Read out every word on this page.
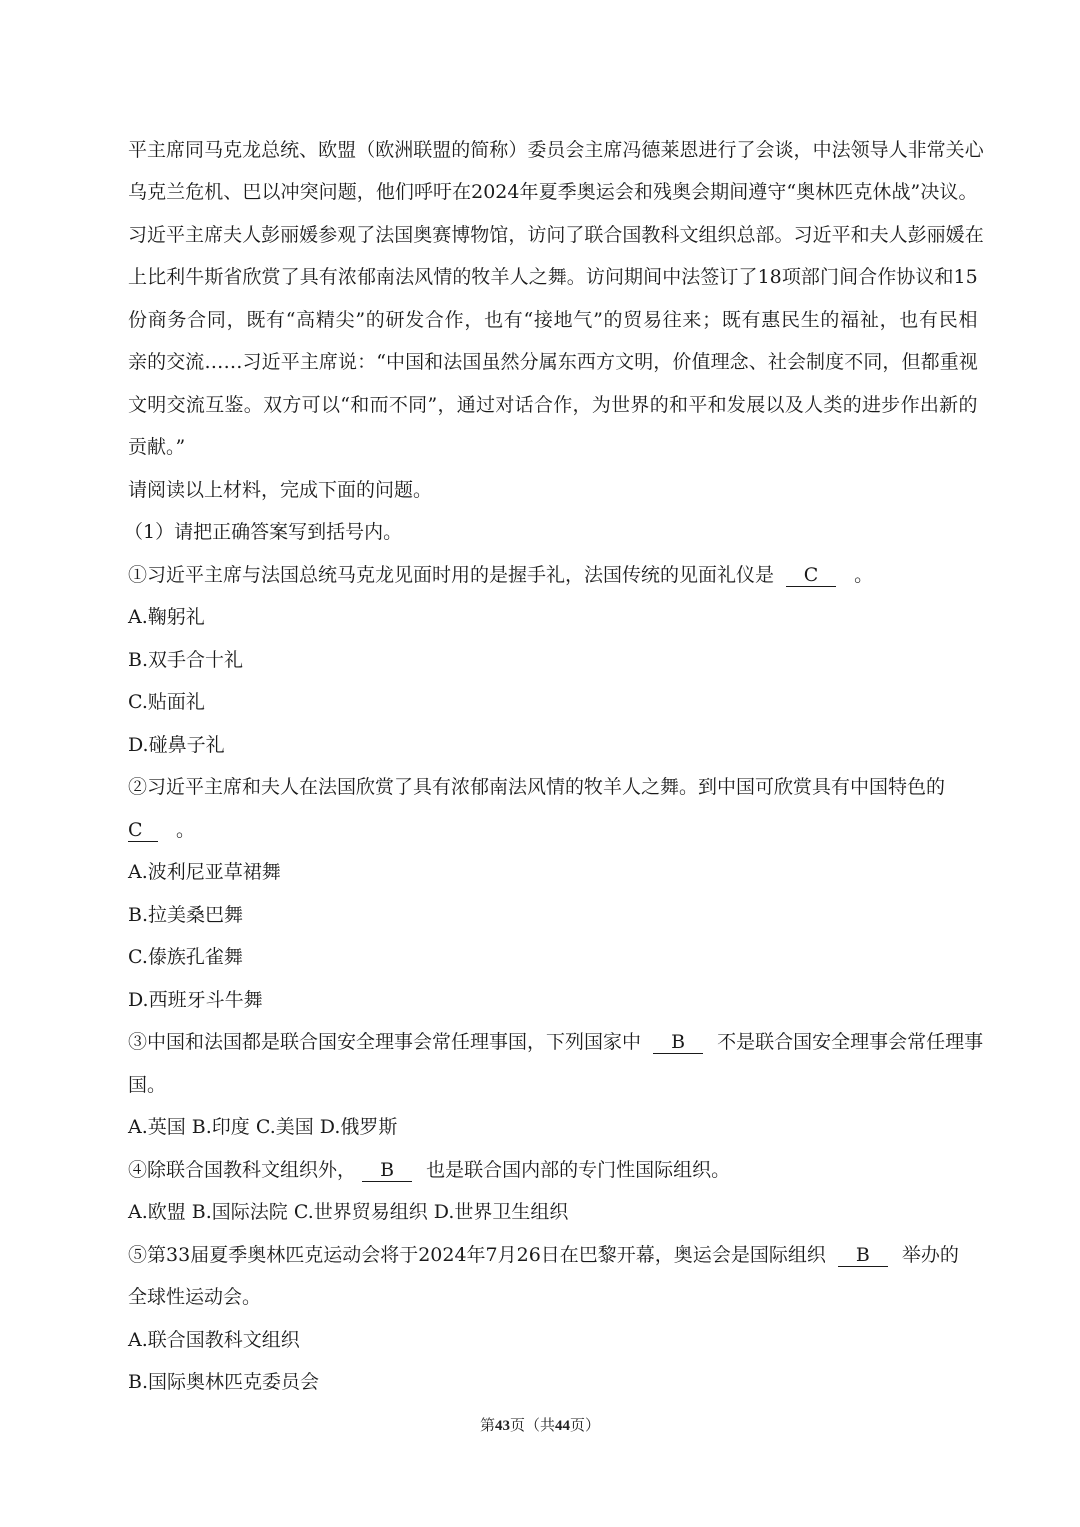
平 主 席 同 马 克 龙 总 统 、 欧 盟 （ 欧 洲 联 盟 的 简 称 ） 委 员 会 主 席 冯 德 莱 恩 进 行 了 会 谈 ， 中 法 领 导 人 非 常 关 心
乌 克 兰 危 机 、 巴 以 冲 突 问 题 ， 他 们 呼 吁 在 2024 年 夏 季 奥 运 会 和 残 奥 会 期 间 遵 守 “ 奥 林 匹 克 休 战 ” 决 议 。
习 近 平 主 席 夫 人 彭 丽 媛 参 观 了 法 国 奥 赛 博 物 馆 ， 访 问 了 联 合 国 教 科 文 组 织 总 部 。 习 近 平 和 夫 人 彭 丽 媛 在
上 比 利 牛 斯 省 欣 赏 了 具 有 浓 郁 南 法 风 情 的 牧 羊 人 之 舞 。 访 问 期 间 中 法 签 订 了 18 项 部 门 间 合 作 协 议 和 15
份 商 务 合 同 ， 既 有 “ 高 精 尖 ” 的 研 发 合 作 ， 也 有 “ 接 地 气 ” 的 贸 易 往 来 ； 既 有 惠 民 生 的 福 祉 ， 也 有 民 相
亲 的 交 流 … … 习 近 平 主 席 说 ： “ 中 国 和 法 国 虽 然 分 属 东 西 方 文 明 ， 价 值 理 念 、 社 会 制 度 不 同 ， 但 都 重 视
文 明 交 流 互 鉴 。 双 方 可 以 “ 和 而 不 同 ” ， 通 过 对 话 合 作 ， 为 世 界 的 和 平 和 发 展 以 及 人 类 的 进 步 作 出 新 的
贡献。”
请阅读以上材料，完成下面的问题。
（1）请把正确答案写到括号内。
①习近平主席与法国总统马克龙见面时用的是握手礼，法国传统的见面礼仪是 C 。
A.鞠躬礼
B.双手合十礼
C.贴面礼
D.碰鼻子礼
②习近平主席和夫人在法国欣赏了具有浓郁南法风情的牧羊人之舞。到中国可欣赏具有中国特色的
C 。
A.波利尼亚草裙舞
B.拉美桑巴舞
C.傣族孔雀舞
D.西班牙斗牛舞
③中国和法国都是联合国安全理事会常任理事国，下列国家中 B 不是联合国安全理事会常任理事
国。
A.英国 B.印度 C.美国 D.俄罗斯
④除联合国教科文组织外， B 也是联合国内部的专门性国际组织。
A.欧盟 B.国际法院 C.世界贸易组织 D.世界卫生组织
⑤第33届夏季奥林匹克运动会将于2024年7月26日在巴黎开幕，奥运会是国际组织 B 举办的
全球性运动会。
A.联合国教科文组织
B.国际奥林匹克委员会
第43页（共44页）
